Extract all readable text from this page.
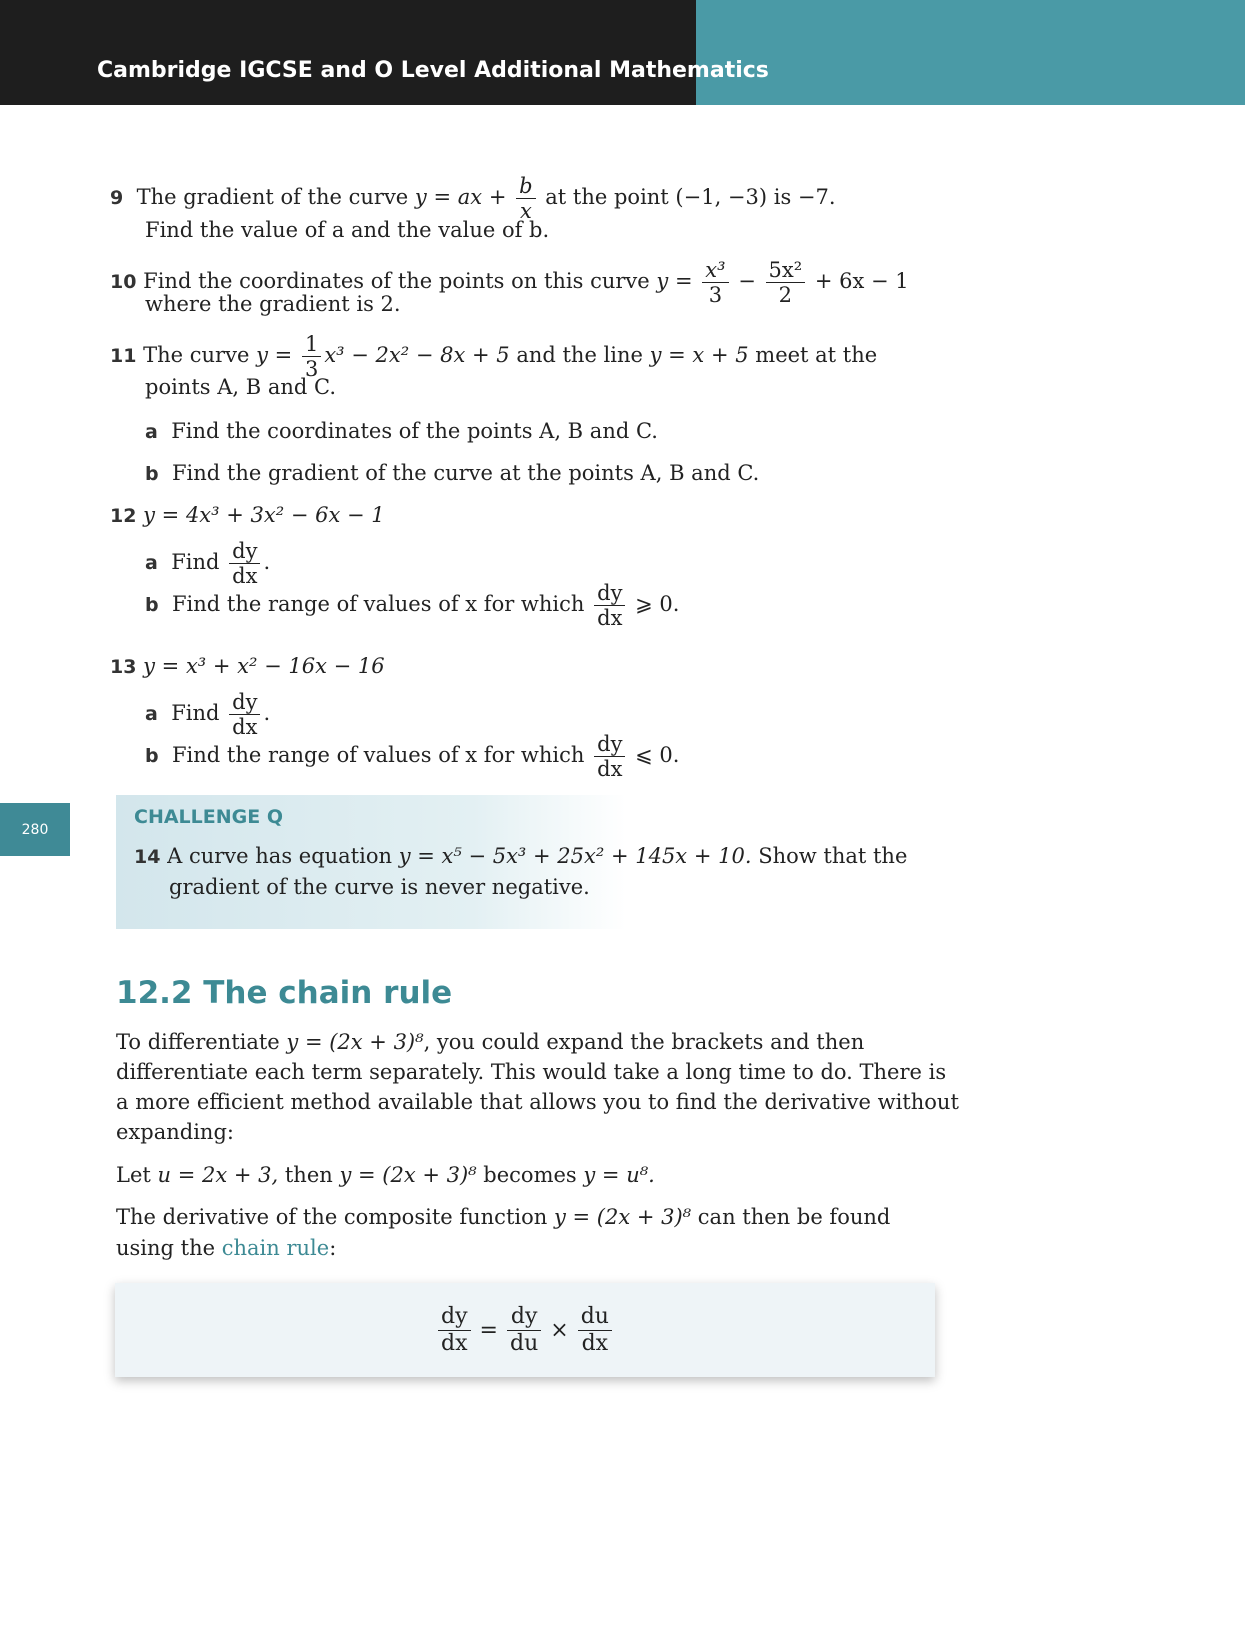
Cambridge IGCSE and O Level Additional Mathematics
280
9 The gradient of the curve y = ax + $\frac{b}{x}$ at the point (−1, −3) is −7.
Find the value of a and the value of b.
10 Find the coordinates of the points on this curve $y = \frac{\text{x³}}{3} - \frac{\text{5x²}}{2} + 6x - 1$
where the gradient is 2.
11 The curve $y = \frac{1}{3} x^3 - 2x^2 - 8x + 5$ and the line y = x + 5 meet at the
points A, B and C.
a Find the coordinates of the points A, B and C.
b Find the gradient of the curve at the points A, B and C.
12 y = 4x³ + 3x² − 6x − 1
a Find $\frac{dy}{dx}$ .
b Find the range of values of x for which $\frac{dy}{dx}$ ⩾ 0.
13 y = x³ + x² − 16x − 16
a Find $\frac{dy}{dx}$ .
b Find the range of values of x for which $\frac{dy}{dx}$ ⩽ 0.
CHALLENGE Q
14 A curve has equation y = x⁵ − 5x³ + 25x² + 145x + 10. Show that the
gradient of the curve is never negative.
12.2 The chain rule
To differentiate y = (2x + 3)⁸, you could expand the brackets and then
differentiate each term separately. This would take a long time to do. There is
a more efficient method available that allows you to find the derivative without
expanding:
Let u = 2x + 3, then y = (2x + 3)⁸ becomes y = u⁸.
The derivative of the composite function y = (2x + 3)⁸ can then be found
using the chain rule:
$\frac{dy}{dx} = \frac{dy}{du} \times \frac{du}{dx}$
